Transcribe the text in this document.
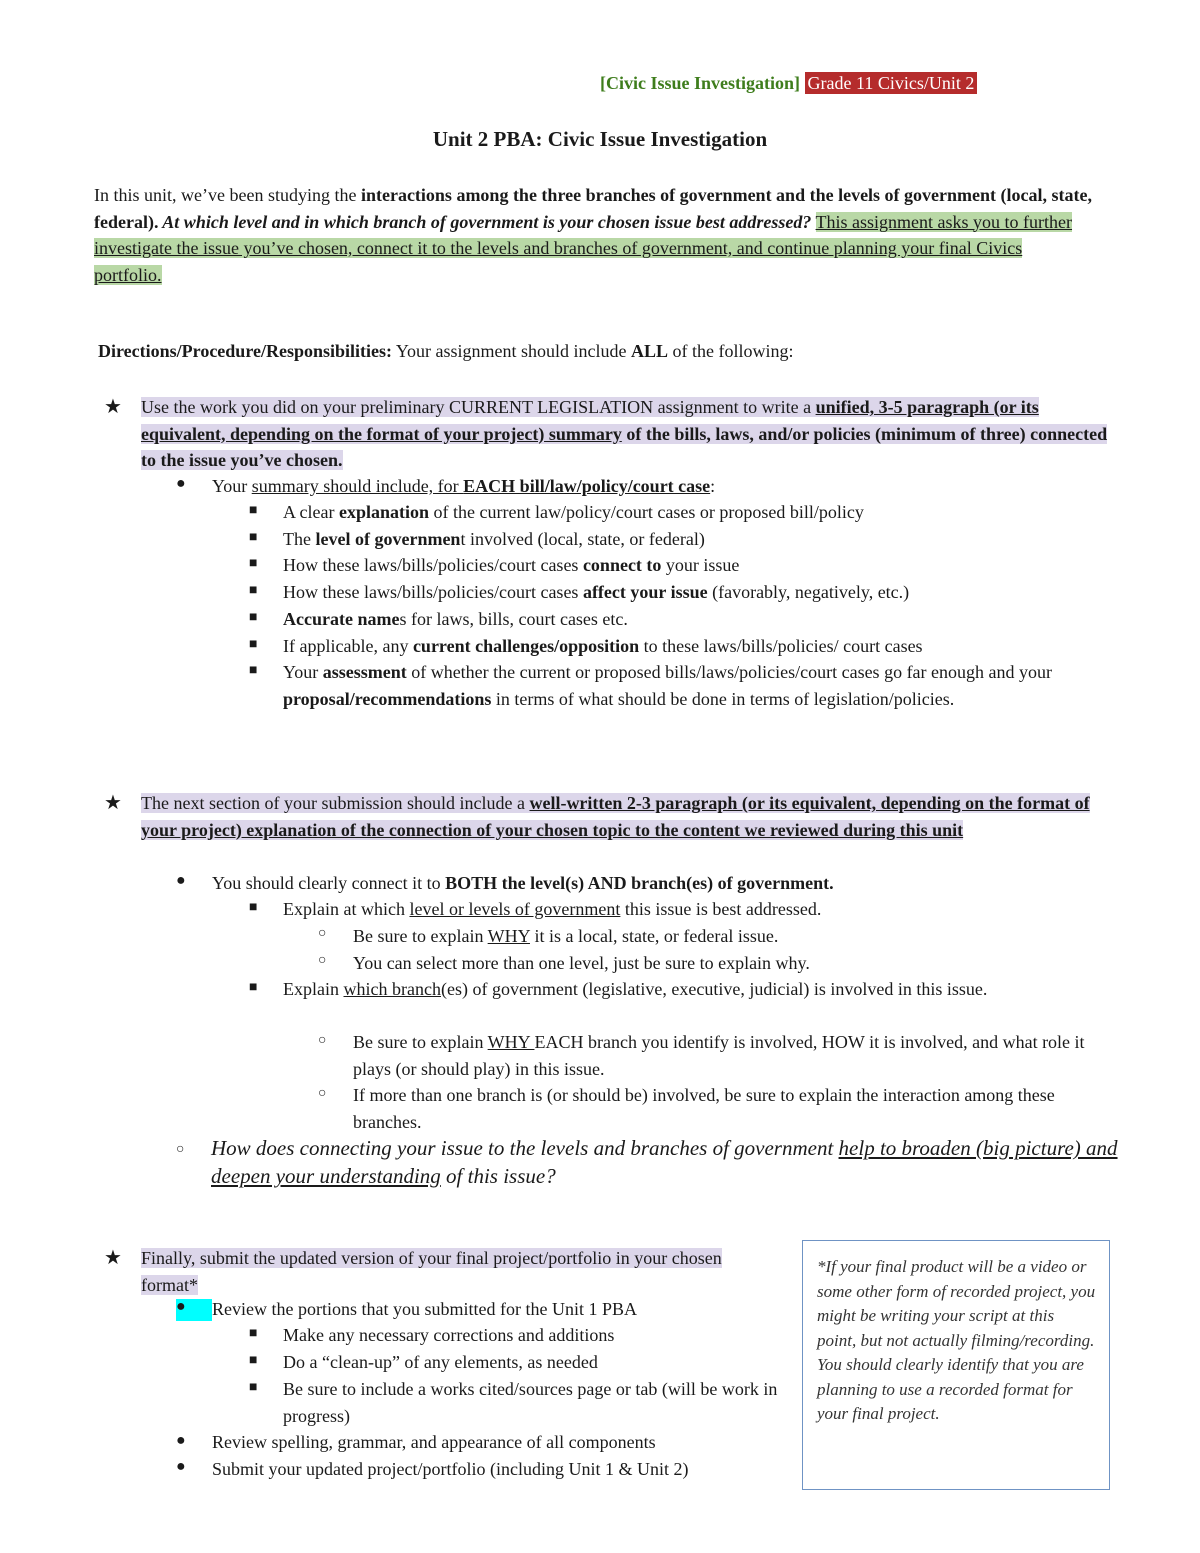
[Civic Issue Investigation] Grade 11 Civics/Unit 2
Unit 2 PBA: Civic Issue Investigation
In this unit, we’ve been studying the interactions among the three branches of government and the levels of government (local, state, federal). At which level and in which branch of government is your chosen issue best addressed? This assignment asks you to further investigate the issue you’ve chosen, connect it to the levels and branches of government, and continue planning your final Civics portfolio.
Directions/Procedure/Responsibilities: Your assignment should include ALL of the following:
★ Use the work you did on your preliminary CURRENT LEGISLATION assignment to write a unified, 3-5 paragraph (or its equivalent, depending on the format of your project) summary of the bills, laws, and/or policies (minimum of three) connected to the issue you’ve chosen.
● Your summary should include, for EACH bill/law/policy/court case:
■ A clear explanation of the current law/policy/court cases or proposed bill/policy
■ The level of government involved (local, state, or federal)
■ How these laws/bills/policies/court cases connect to your issue
■ How these laws/bills/policies/court cases affect your issue (favorably, negatively, etc.)
■ Accurate names for laws, bills, court cases etc.
■ If applicable, any current challenges/opposition to these laws/bills/policies/ court cases
■ Your assessment of whether the current or proposed bills/laws/policies/court cases go far enough and your proposal/recommendations in terms of what should be done in terms of legislation/policies.
★ The next section of your submission should include a well-written 2-3 paragraph (or its equivalent, depending on the format of your project) explanation of the connection of your chosen topic to the content we reviewed during this unit
● You should clearly connect it to BOTH the level(s) AND branch(es) of government.
■ Explain at which level or levels of government this issue is best addressed.
○ Be sure to explain WHY it is a local, state, or federal issue.
○ You can select more than one level, just be sure to explain why.
■ Explain which branch(es) of government (legislative, executive, judicial) is involved in this issue.
○ Be sure to explain WHY EACH branch you identify is involved, HOW it is involved, and what role it plays (or should play) in this issue.
○ If more than one branch is (or should be) involved, be sure to explain the interaction among these branches.
○ How does connecting your issue to the levels and branches of government help to broaden (big picture) and deepen your understanding of this issue?
★ Finally, submit the updated version of your final project/portfolio in your chosen format*
● Review the portions that you submitted for the Unit 1 PBA
■ Make any necessary corrections and additions
■ Do a “clean-up” of any elements, as needed
■ Be sure to include a works cited/sources page or tab (will be work in progress)
● Review spelling, grammar, and appearance of all components
● Submit your updated project/portfolio (including Unit 1 & Unit 2)
*If your final product will be a video or some other form of recorded project, you might be writing your script at this point, but not actually filming/recording. You should clearly identify that you are planning to use a recorded format for your final project.
